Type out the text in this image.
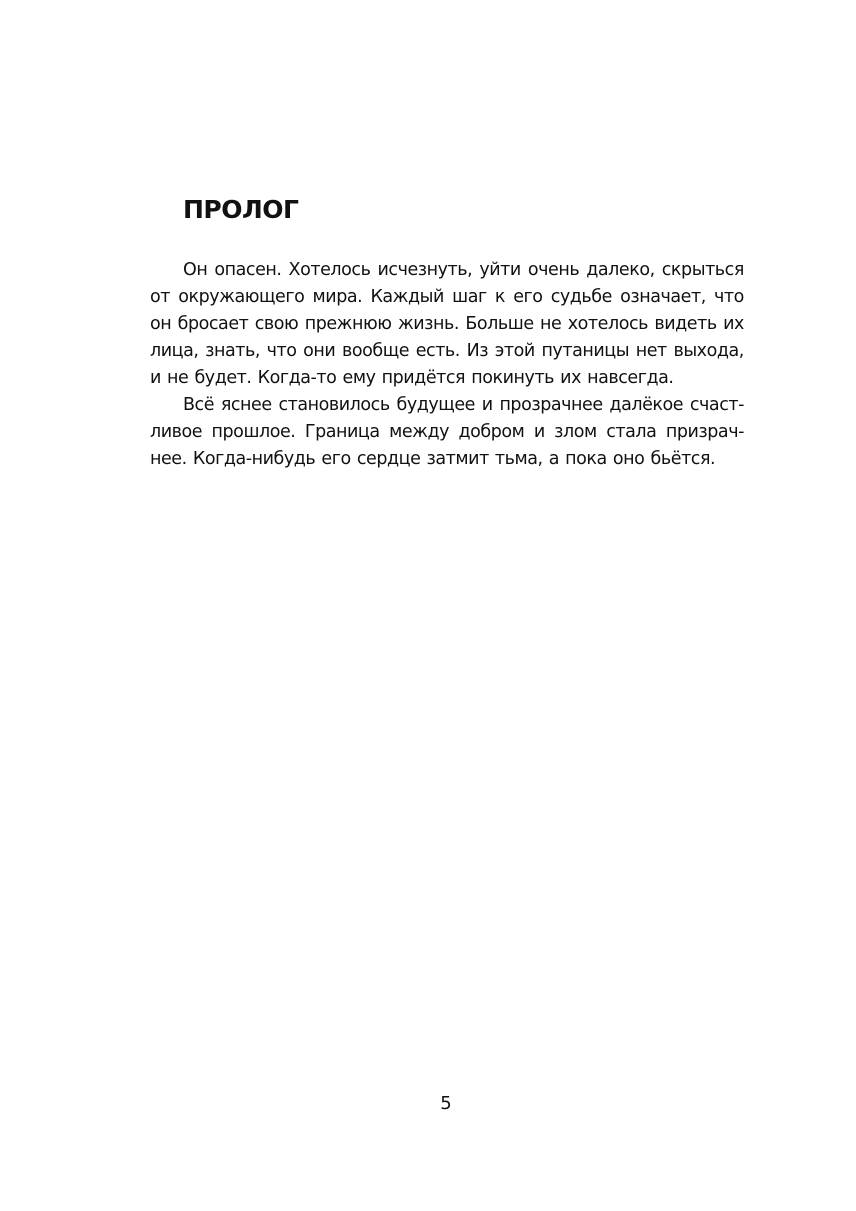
ПРОЛОГ
Он опасен. Хотелось исчезнуть, уйти очень далеко, скрыться
от окружающего мира. Каждый шаг к его судьбе означает, что
он бросает свою прежнюю жизнь. Больше не хотелось видеть их
лица, знать, что они вообще есть. Из этой путаницы нет выхода,
и не будет. Когда-то ему придётся покинуть их навсегда.
Всё яснее становилось будущее и прозрачнее далёкое счаст-
ливое прошлое. Граница между добром и злом стала призрач-
нее. Когда-нибудь его сердце затмит тьма, а пока оно бьётся.
5
